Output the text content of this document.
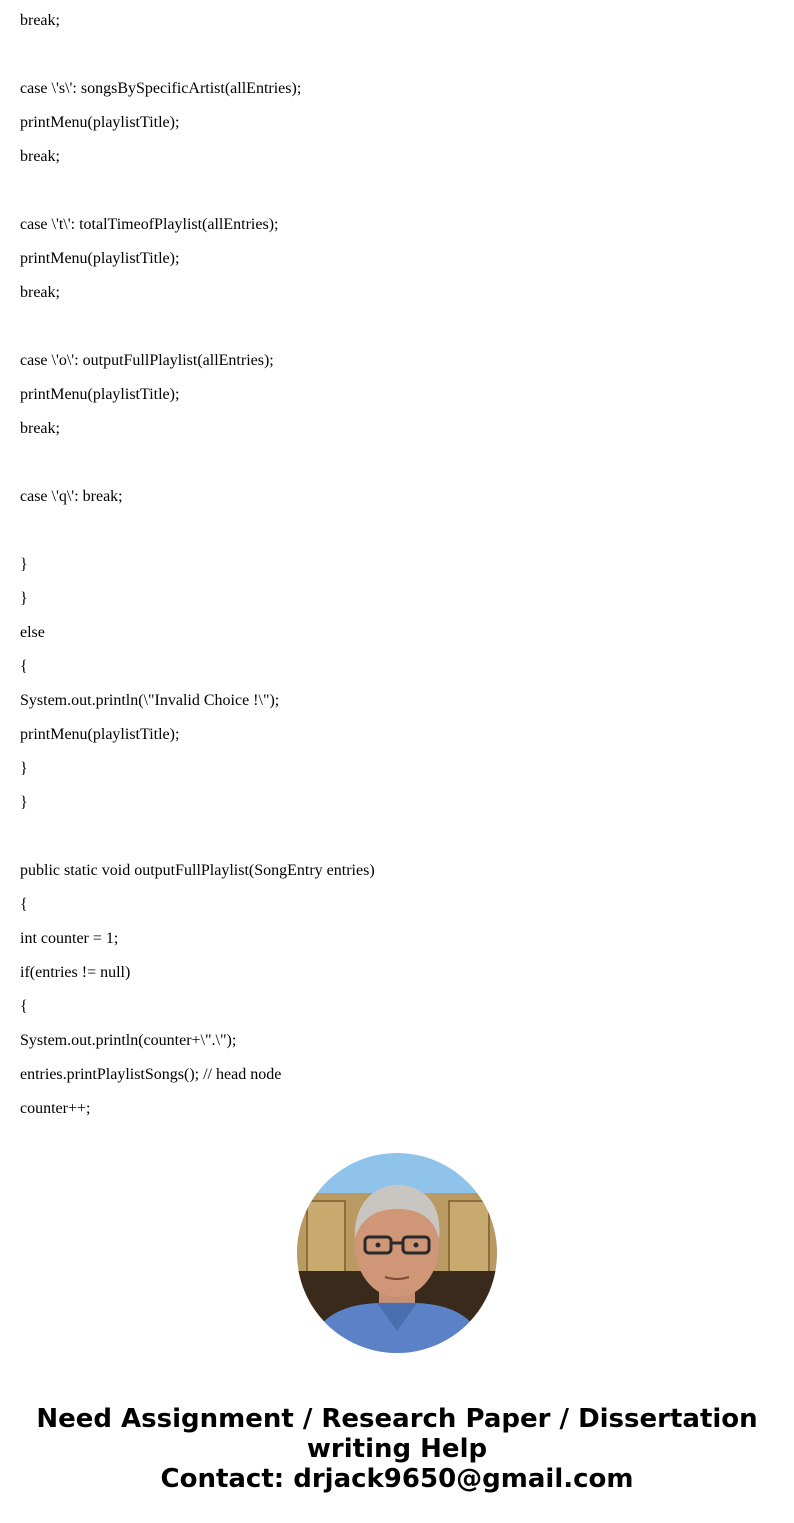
break;
case \'s\': songsBySpecificArtist(allEntries);
printMenu(playlistTitle);
break;
case \'t\': totalTimeofPlaylist(allEntries);
printMenu(playlistTitle);
break;
case \'o\': outputFullPlaylist(allEntries);
printMenu(playlistTitle);
break;
case \'q\': break;
}
}
else
{
System.out.println(\"Invalid Choice !\");
printMenu(playlistTitle);
}
}
public static void outputFullPlaylist(SongEntry entries)
{
int counter = 1;
if(entries != null)
{
System.out.println(counter+\".\");
entries.printPlaylistSongs(); // head node
counter++;
Need Assignment / Research Paper / Dissertation
writing Help
Contact: drjack9650@gmail.com
